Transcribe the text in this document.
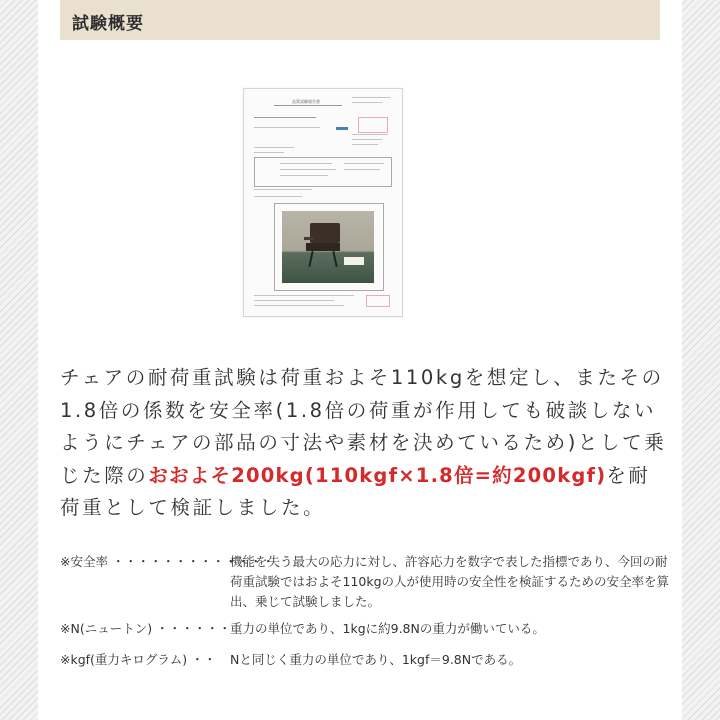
試験概要
品質試験報告書
チェアの耐荷重試験は荷重およそ110kgを想定し、またその1.8倍の係数を安全率(1.8倍の荷重が作用しても破談しないようにチェアの部品の寸法や素材を決めているため)として乗じた際のおおよそ200kg(110kgf×1.8倍=約200kgf)を耐荷重として検証しました。
※安全率 ・・・・・・・・・・・・・
機能を失う最大の応力に対し、許容応力を数字で表した指標であり、今回の耐荷重試験ではおよそ110kgの人が使用時の安全性を検証するための安全率を算出、乗じて試験しました。
※N(ニュートン) ・・・・・・
重力の単位であり、1kgに約9.8Nの重力が働いている。
※kgf(重力キログラム) ・・ Nと同じく重力の単位であり、1kgf＝9.8Nである。
